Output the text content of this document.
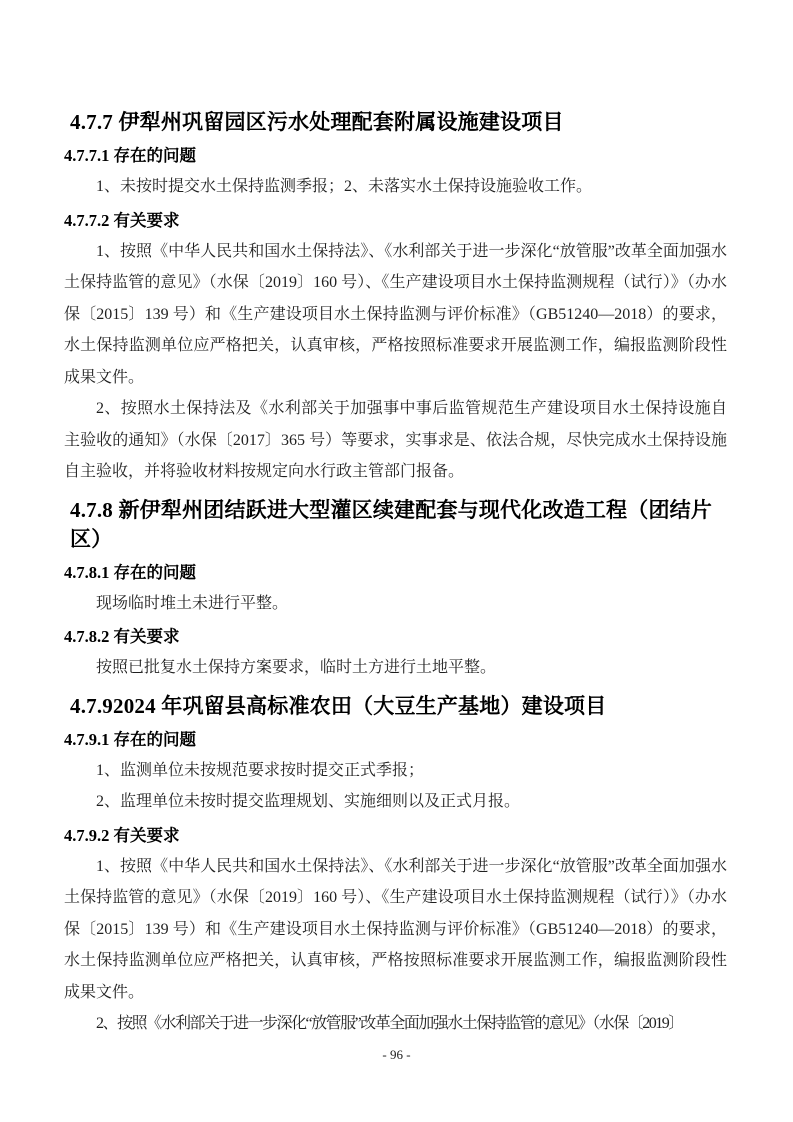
4.7.7 伊犁州巩留园区污水处理配套附属设施建设项目
4.7.7.1 存在的问题

1、未按时提交水土保持监测季报；2、未落实水土保持设施验收工作。

4.7.7.2 有关要求

1、按照《中华人民共和国水土保持法》、《水利部关于进一步深化“放管服”改革全面加强水土保持监管的意见》（水保〔2019〕160 号）、《生产建设项目水土保持监测规程（试行）》（办水保〔2015〕139 号）和《生产建设项目水土保持监测与评价标准》（GB51240—2018）的要求，水土保持监测单位应严格把关，认真审核，严格按照标准要求开展监测工作，编报监测阶段性成果文件。

2、按照水土保持法及《水利部关于加强事中事后监管规范生产建设项目水土保持设施自主验收的通知》（水保〔2017〕365 号）等要求，实事求是、依法合规，尽快完成水土保持设施自主验收，并将验收材料按规定向水行政主管部门报备。

4.7.8 新伊犁州团结跃进大型灌区续建配套与现代化改造工程（团结片区）
4.7.8.1 存在的问题

现场临时堆土未进行平整。

4.7.8.2 有关要求

按照已批复水土保持方案要求，临时土方进行土地平整。

4.7.92024 年巩留县高标准农田（大豆生产基地）建设项目
4.7.9.1 存在的问题

1、监测单位未按规范要求按时提交正式季报；

2、监理单位未按时提交监理规划、实施细则以及正式月报。

4.7.9.2 有关要求

1、按照《中华人民共和国水土保持法》、《水利部关于进一步深化“放管服”改革全面加强水土保持监管的意见》（水保〔2019〕160 号）、《生产建设项目水土保持监测规程（试行）》（办水保〔2015〕139 号）和《生产建设项目水土保持监测与评价标准》（GB51240—2018）的要求，水土保持监测单位应严格把关，认真审核，严格按照标准要求开展监测工作，编报监测阶段性成果文件。

2、按照《水利部关于进一步深化“放管服”改革全面加强水土保持监管的意见》（水保〔2019〕

- 96 -
